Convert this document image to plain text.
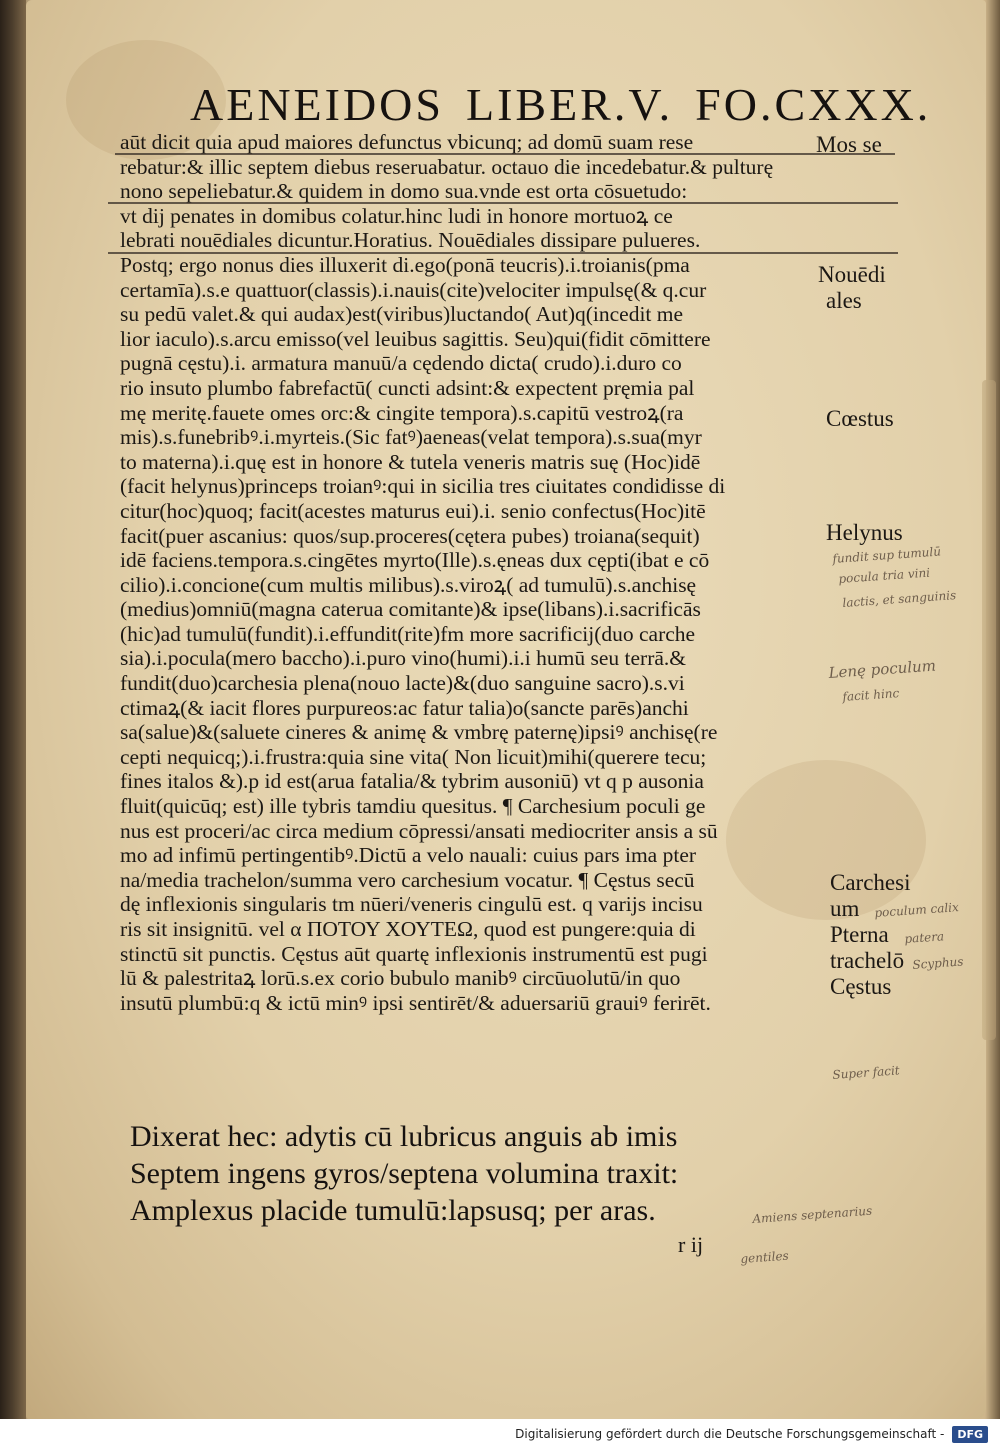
AENEIDOS LIBER.V. FO.CXXX.
aūt dicit quia apud maiores defunctus vbicunq; ad domū suam rese
rebatur:& illic septem diebus reseruabatur. octauo die incedebatur.& pulturę
nono sepeliebatur.& quidem in domo sua.vnde est orta cōsuetudo:
vt dij penates in domibus colatur.hinc ludi in honore mortuoꝝ ce
lebrati nouēdiales dicuntur.Horatius. Nouēdiales dissipare pulueres.
Postq; ergo nonus dies illuxerit di.ego(ponā teucris).i.troianis(pma
certamīa).s.e quattuor(classis).i.nauis(cite)velociter impulsę(& q.cur
su pedū valet.& qui audax)est(viribus)luctando( Aut)q(incedit me
lior iaculo).s.arcu emisso(vel leuibus sagittis. Seu)qui(fidit cōmittere
pugnā cęstu).i. armatura manuū/a cędendo dicta( crudo).i.duro co
rio insuto plumbo fabrefactū( cuncti adsint:& expectent pręmia pal
mę meritę.fauete omes orc:& cingite tempora).s.capitū vestroꝝ(ra
mis).s.funebribꝰ.i.myrteis.(Sic fatꝰ)aeneas(velat tempora).s.sua(myr
to materna).i.quę est in honore & tutela veneris matris suę (Hoc)idē
(facit helynus)princeps troianꝰ:qui in sicilia tres ciuitates condidisse di
citur(hoc)quoq; facit(acestes maturus eui).i. senio confectus(Hoc)itē
facit(puer ascanius: quos/sup.proceres(cętera pubes) troiana(sequit)
idē faciens.tempora.s.cingētes myrto(Ille).s.ęneas dux cępti(ibat e cō
cilio).i.concione(cum multis milibus).s.viroꝝ( ad tumulū).s.anchisę
(medius)omniū(magna caterua comitante)& ipse(libans).i.sacrificās
(hic)ad tumulū(fundit).i.effundit(rite)fm more sacrificij(duo carche
sia).i.pocula(mero baccho).i.puro vino(humi).i.i humū seu terrā.&
fundit(duo)carchesia plena(nouo lacte)&(duo sanguine sacro).s.vi
ctimaꝝ(& iacit flores purpureos:ac fatur talia)o(sancte parēs)anchi
sa(salue)&(saluete cineres & animę & vmbrę paternę)ipsiꝰ anchisę(re
cepti nequicq;).i.frustra:quia sine vita( Non licuit)mihi(querere tecu;
fines italos &).p id est(arua fatalia/& tybrim ausoniū) vt q p ausonia
fluit(quicūq; est) ille tybris tamdiu quesitus. ¶ Carchesium poculi ge
nus est proceri/ac circa medium cōpressi/ansati mediocriter ansis a sū
mo ad infimū pertingentibꝰ.Dictū a velo nauali: cuius pars ima pter
na/media trachelon/summa vero carchesium vocatur. ¶ Cęstus secū
dę inflexionis singularis tm nūeri/veneris cingulū est. q varijs incisu
ris sit insignitū. vel α ΠΟΤΟΥ ΧΟΥΤΕΩ, quod est pungere:quia di
stinctū sit punctis. Cęstus aūt quartę inflexionis instrumentū est pugi
lū & palestritaꝝ lorū.s.ex corio bubulo manibꝰ circūuolutū/in quo
insutū plumbū:q & ictū minꝰ ipsi sentirēt/& aduersariū grauiꝰ ferirēt.
Dixerat hec: adytis cū lubricus anguis ab imis
Septem ingens gyros/septena volumina traxit:
Amplexus placide tumulū:lapsusq; per aras.
r ij
Mos se
Nouēdi
ales
Cœstus
Helynus
Carchesi
um
Pterna
trachelō
Cęstus
fundit sup tumulū
pocula tria vini
lactis, et sanguinis
Lenę poculum
facit hinc
poculum calix
patera
Scyphus
Super facit
Amiens septenarius
gentiles
Digitalisierung gefördert durch die Deutsche Forschungsgemeinschaft -	DFG
